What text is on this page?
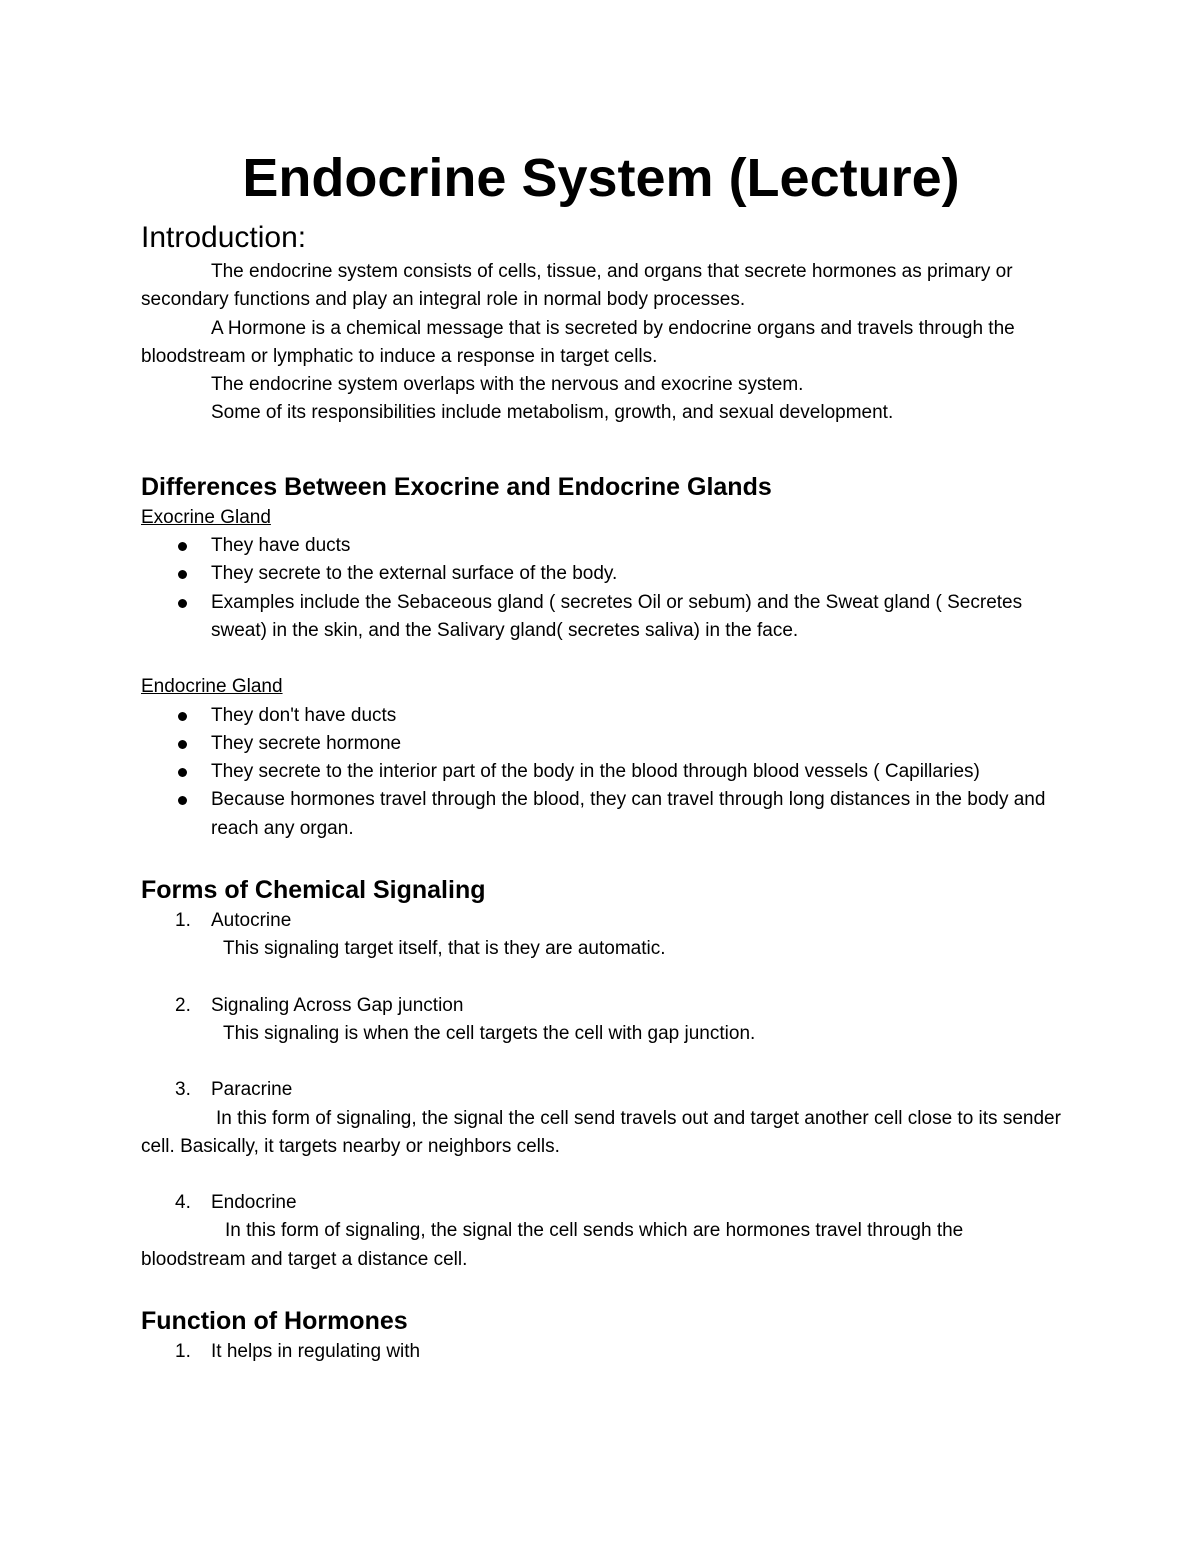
Endocrine System (Lecture)
Introduction:

The endocrine system consists of cells, tissue, and organs that secrete hormones as primary or secondary functions and play an integral role in normal body processes.

A Hormone is a chemical message that is secreted by endocrine organs and travels through the bloodstream or lymphatic to induce a response in target cells.

The endocrine system overlaps with the nervous and exocrine system.

Some of its responsibilities include metabolism, growth, and sexual development.

Differences Between Exocrine and Endocrine Glands
Exocrine Gland
They have ducts
They secrete to the external surface of the body.
Examples include the Sebaceous gland ( secretes Oil or sebum) and the Sweat gland ( Secretes sweat) in the skin, and the Salivary gland( secretes saliva) in the face.
Endocrine Gland
They don't have ducts
They secrete hormone
They secrete to the interior part of the body in the blood through blood vessels ( Capillaries)
Because hormones travel through the blood, they can travel through long distances in the body and reach any organ.
Forms of Chemical Signaling
1. Autocrine
This signaling target itself, that is they are automatic.
2. Signaling Across Gap junction
This signaling is when the cell targets the cell with gap junction.
3. Paracrine
In this form of signaling, the signal the cell send travels out and target another cell close to its sender cell. Basically, it targets nearby or neighbors cells.
4. Endocrine
In this form of signaling, the signal the cell sends which are hormones travel through the bloodstream and target a distance cell.
Function of Hormones
1. It helps in regulating with
